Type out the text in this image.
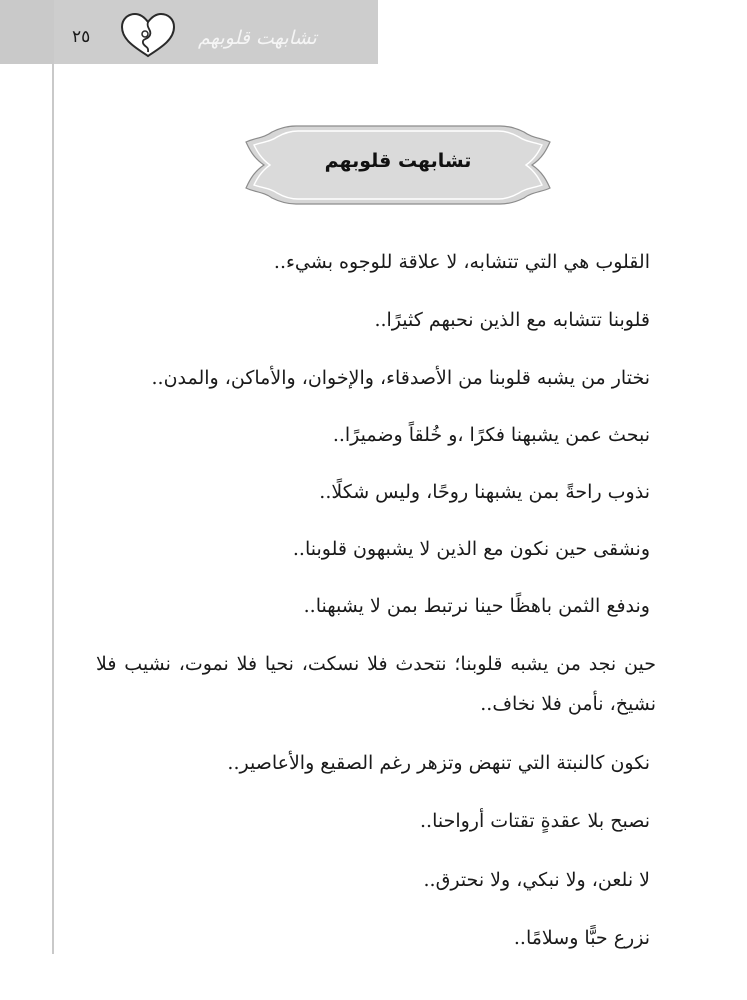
٢٥	تشابهت قلوبهم
تشابهت قلوبهم
القلوب هي التي تتشابه، لا علاقة للوجوه بشيء..
قلوبنا تتشابه مع الذين نحبهم كثيرًا..
نختار من يشبه قلوبنا من الأصدقاء، والإخوان، والأماكن، والمدن..
نبحث عمن يشبهنا فكرًا ،و خُلقاً وضميرًا..
نذوب راحةً بمن يشبهنا روحًا، وليس شكلًا..
ونشقى حين نكون مع الذين لا يشبهون قلوبنا..
وندفع الثمن باهظًا حينا نرتبط بمن لا يشبهنا..
حين نجد من يشبه قلوبنا؛ نتحدث فلا نسكت، نحيا فلا نموت، نشيب فلا نشيخ، نأمن فلا نخاف..
نكون كالنبتة التي تنهض وتزهر رغم الصقيع والأعاصير..
نصبح بلا عقدةٍ تقتات أرواحنا..
لا نلعن، ولا نبكي، ولا نحترق..
نزرع حبًّا وسلامًا..
